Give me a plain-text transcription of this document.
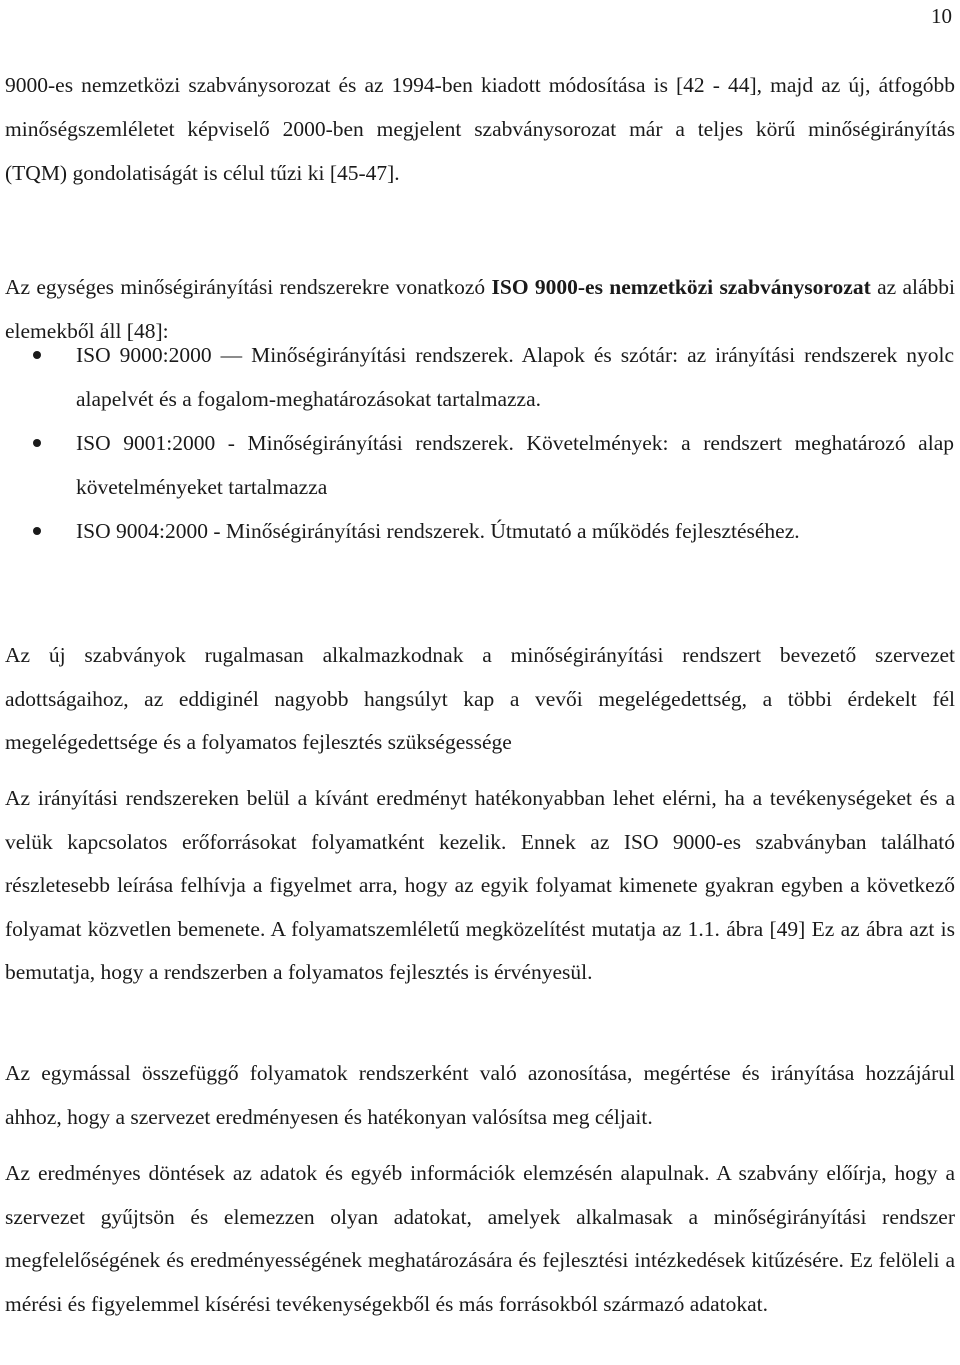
10

9000-es nemzetközi szabványsorozat és az 1994-ben kiadott módosítása is [42 - 44], majd az új, átfogóbb minőségszemléletet képviselő 2000-ben megjelent szabványsorozat már a teljes körű minőségirányítás (TQM) gondolatiságát is célul tűzi ki [45-47].

Az egységes minőségirányítási rendszerekre vonatkozó ISO 9000-es nemzetközi szabványsorozat az alábbi elemekből áll [48]:

ISO 9000:2000 — Minőségirányítási rendszerek. Alapok és szótár: az irányítási rendszerek nyolc alapelvét és a fogalom-meghatározásokat tartalmazza.
ISO 9001:2000 - Minőségirányítási rendszerek. Követelmények: a rendszert meghatározó alap követelményeket tartalmazza
ISO 9004:2000 - Minőségirányítási rendszerek. Útmutató a működés fejlesztéséhez.

Az új szabványok rugalmasan alkalmazkodnak a minőségirányítási rendszert bevezető szervezet adottságaihoz, az eddiginél nagyobb hangsúlyt kap a vevői megelégedettség, a többi érdekelt fél megelégedettsége és a folyamatos fejlesztés szükségessége

Az irányítási rendszereken belül a kívánt eredményt hatékonyabban lehet elérni, ha a tevékenységeket és a velük kapcsolatos erőforrásokat folyamatként kezelik. Ennek az ISO 9000-es szabványban található részletesebb leírása felhívja a figyelmet arra, hogy az egyik folyamat kimenete gyakran egyben a következő folyamat közvetlen bemenete. A folyamatszemléletű megközelítést mutatja az 1.1. ábra [49] Ez az ábra azt is bemutatja, hogy a rendszerben a folyamatos fejlesztés is érvényesül.

Az egymással összefüggő folyamatok rendszerként való azonosítása, megértése és irányítása hozzájárul ahhoz, hogy a szervezet eredményesen és hatékonyan valósítsa meg céljait.

Az eredményes döntések az adatok és egyéb információk elemzésén alapulnak. A szabvány előírja, hogy a szervezet gyűjtsön és elemezzen olyan adatokat, amelyek alkalmasak a minőségirányítási rendszer megfelelőségének és eredményességének meghatározására és fejlesztési intézkedések kitűzésére. Ez felöleli a mérési és figyelemmel kísérési tevékenységekből és más forrásokból származó adatokat.
